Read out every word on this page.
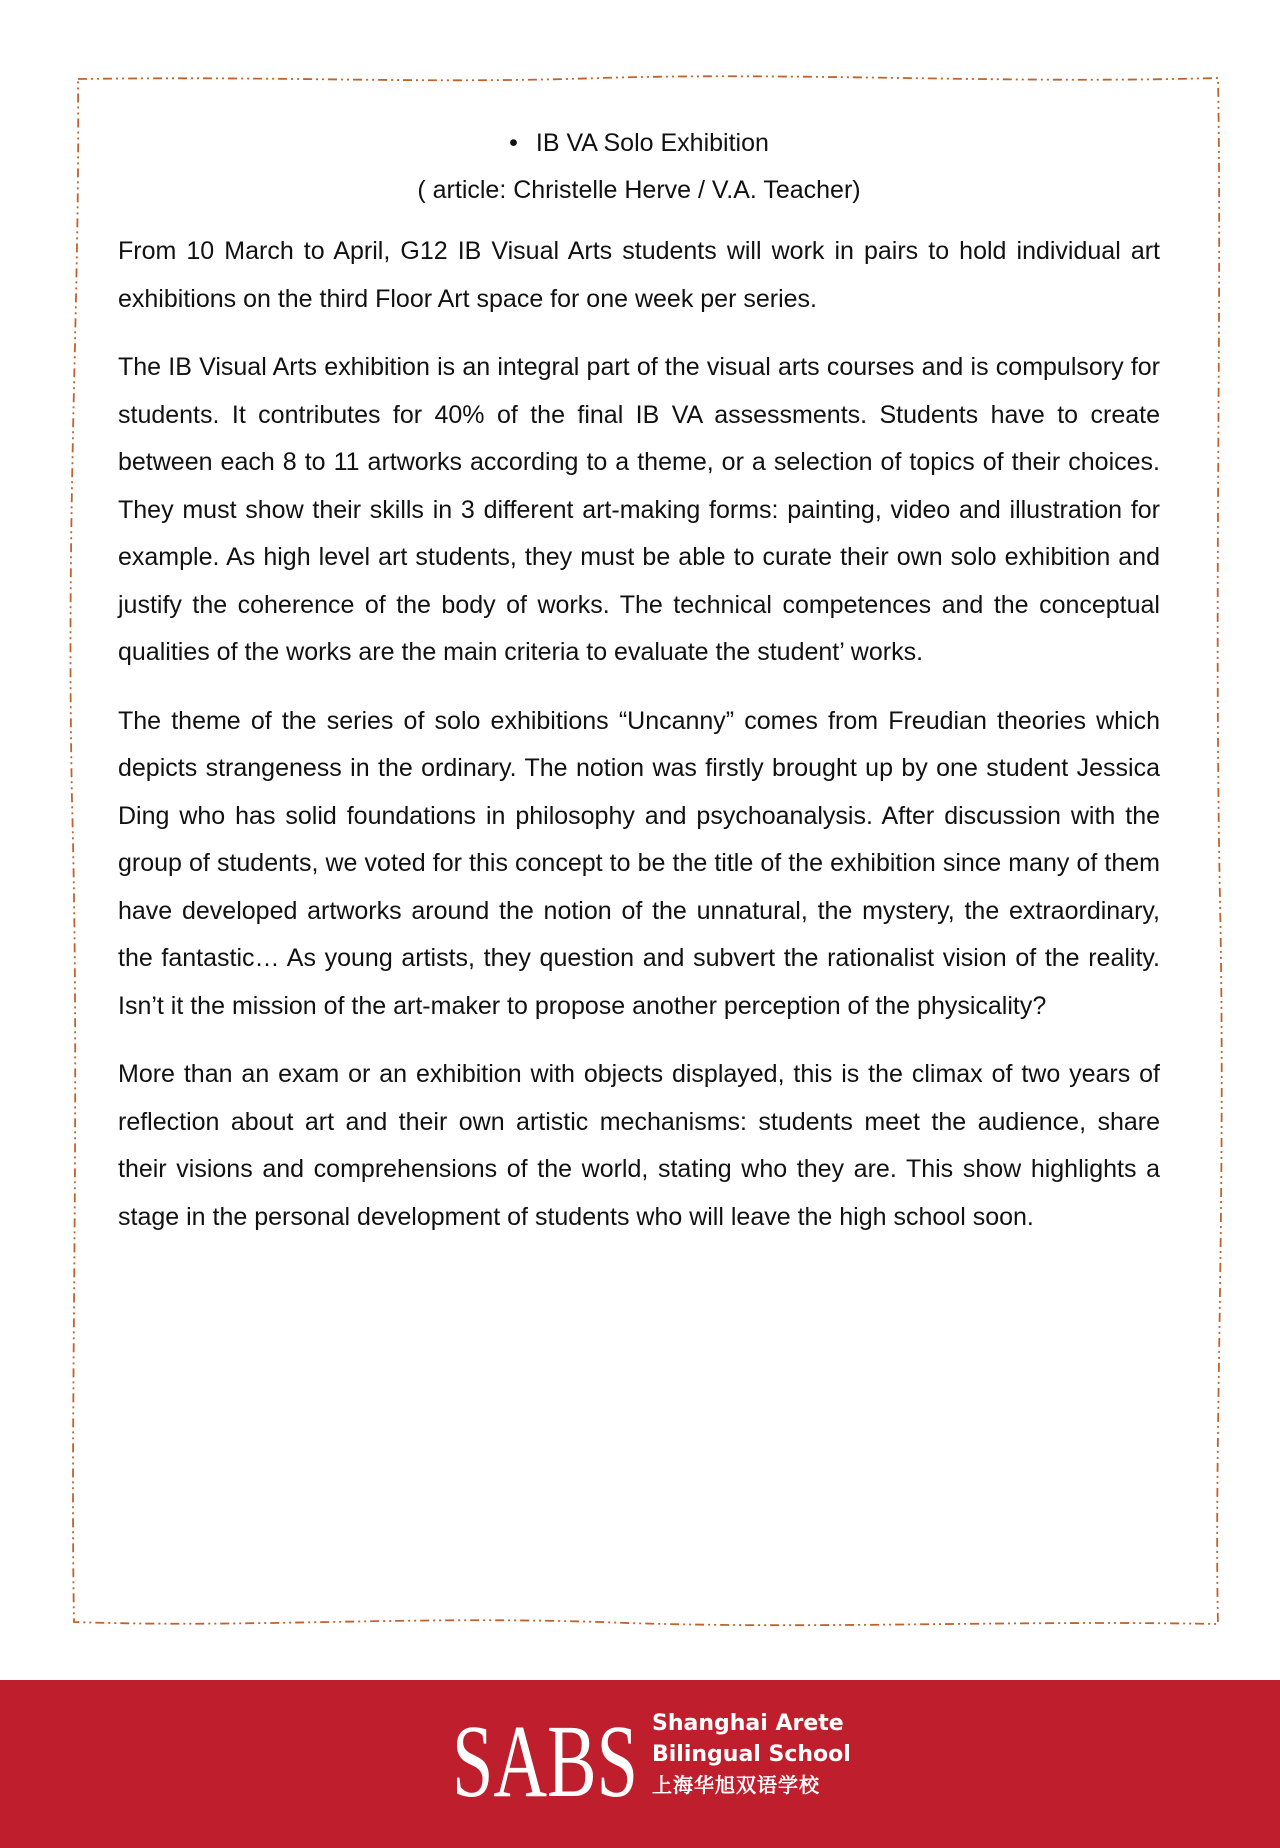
• IB VA Solo Exhibition

( article: Christelle Herve / V.A. Teacher)

From 10 March to April, G12 IB Visual Arts students will work in pairs to hold individual art exhibitions on the third Floor Art space for one week per series.

The IB Visual Arts exhibition is an integral part of the visual arts courses and is compulsory for students. It contributes for 40% of the final IB VA assessments. Students have to create between each 8 to 11 artworks according to a theme, or a selection of topics of their choices. They must show their skills in 3 different art-making forms: painting, video and illustration for example. As high level art students, they must be able to curate their own solo exhibition and justify the coherence of the body of works. The technical competences and the conceptual qualities of the works are the main criteria to evaluate the student’ works.

The theme of the series of solo exhibitions “Uncanny” comes from Freudian theories which depicts strangeness in the ordinary. The notion was firstly brought up by one student Jessica Ding who has solid foundations in philosophy and psychoanalysis. After discussion with the group of students, we voted for this concept to be the title of the exhibition since many of them have developed artworks around the notion of the unnatural, the mystery, the extraordinary, the fantastic… As young artists, they question and subvert the rationalist vision of the reality. Isn’t it the mission of the art-maker to propose another perception of the physicality?

More than an exam or an exhibition with objects displayed, this is the climax of two years of reflection about art and their own artistic mechanisms: students meet the audience, share their visions and comprehensions of the world, stating who they are. This show highlights a stage in the personal development of students who will leave the high school soon.

SABS Shanghai Arete
Bilingual School
上海华旭双语学校
